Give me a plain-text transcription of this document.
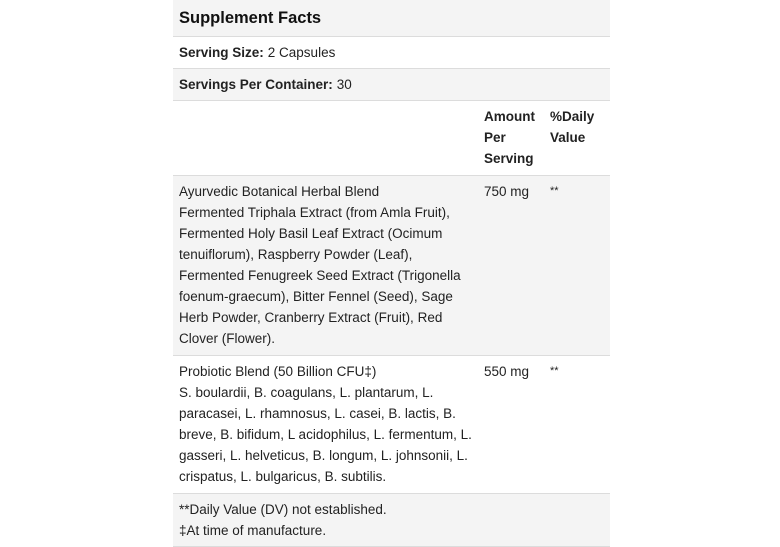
Supplement Facts
Serving Size: 2 Capsules
Servings Per Container: 30
Amount Per Serving
%Daily Value
Ayurvedic Botanical Herbal Blend
Fermented Triphala Extract (from Amla Fruit), Fermented Holy Basil Leaf Extract (Ocimum tenuiflorum), Raspberry Powder (Leaf), Fermented Fenugreek Seed Extract (Trigonella foenum-graecum), Bitter Fennel (Seed), Sage Herb Powder, Cranberry Extract (Fruit), Red Clover (Flower).
750 mg	**
Probiotic Blend (50 Billion CFU‡)
S. boulardii, B. coagulans, L. plantarum, L. paracasei, L. rhamnosus, L. casei, B. lactis, B. breve, B. bifidum, L acidophilus, L. fermentum, L. gasseri, L. helveticus, B. longum, L. johnsonii, L. crispatus, L. bulgaricus, B. subtilis.
550 mg	**
**Daily Value (DV) not established.
‡At time of manufacture.
